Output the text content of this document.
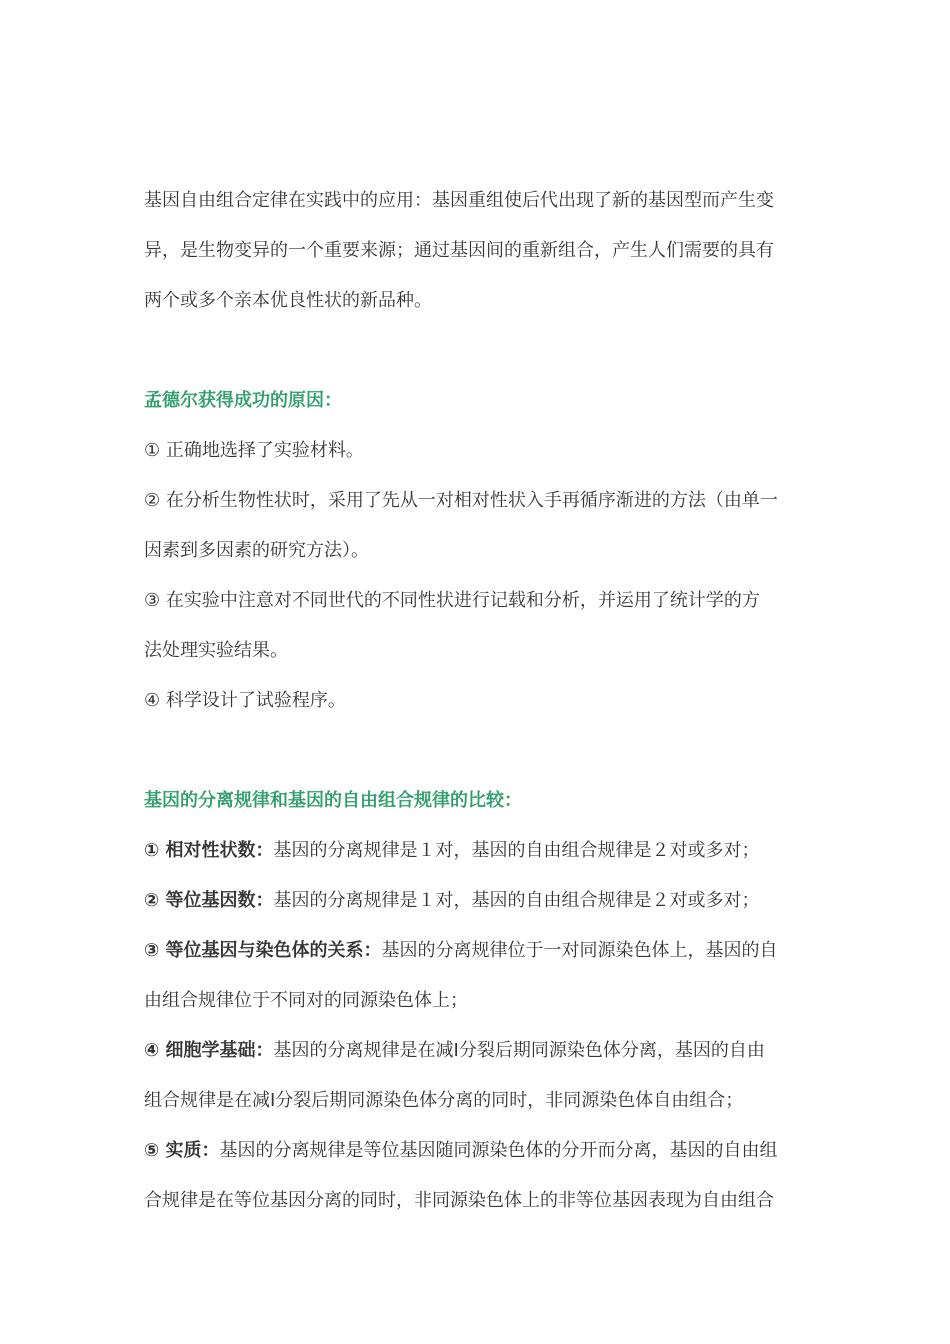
基因自由组合定律在实践中的应用：基因重组使后代出现了新的基因型而产生变
异，是生物变异的一个重要来源；通过基因间的重新组合，产生人们需要的具有
两个或多个亲本优良性状的新品种。
孟德尔获得成功的原因：
① 正确地选择了实验材料。
② 在分析生物性状时，采用了先从一对相对性状入手再循序渐进的方法（由单一
因素到多因素的研究方法）。
③ 在实验中注意对不同世代的不同性状进行记载和分析，并运用了统计学的方
法处理实验结果。
④ 科学设计了试验程序。
基因的分离规律和基因的自由组合规律的比较：
① 相对性状数：基因的分离规律是１对，基因的自由组合规律是２对或多对；
② 等位基因数：基因的分离规律是１对，基因的自由组合规律是２对或多对；
③ 等位基因与染色体的关系：基因的分离规律位于一对同源染色体上，基因的自
由组合规律位于不同对的同源染色体上；
④ 细胞学基础：基因的分离规律是在减Ⅰ分裂后期同源染色体分离，基因的自由
组合规律是在减Ⅰ分裂后期同源染色体分离的同时，非同源染色体自由组合；
⑤ 实质：基因的分离规律是等位基因随同源染色体的分开而分离，基因的自由组
合规律是在等位基因分离的同时，非同源染色体上的非等位基因表现为自由组合
